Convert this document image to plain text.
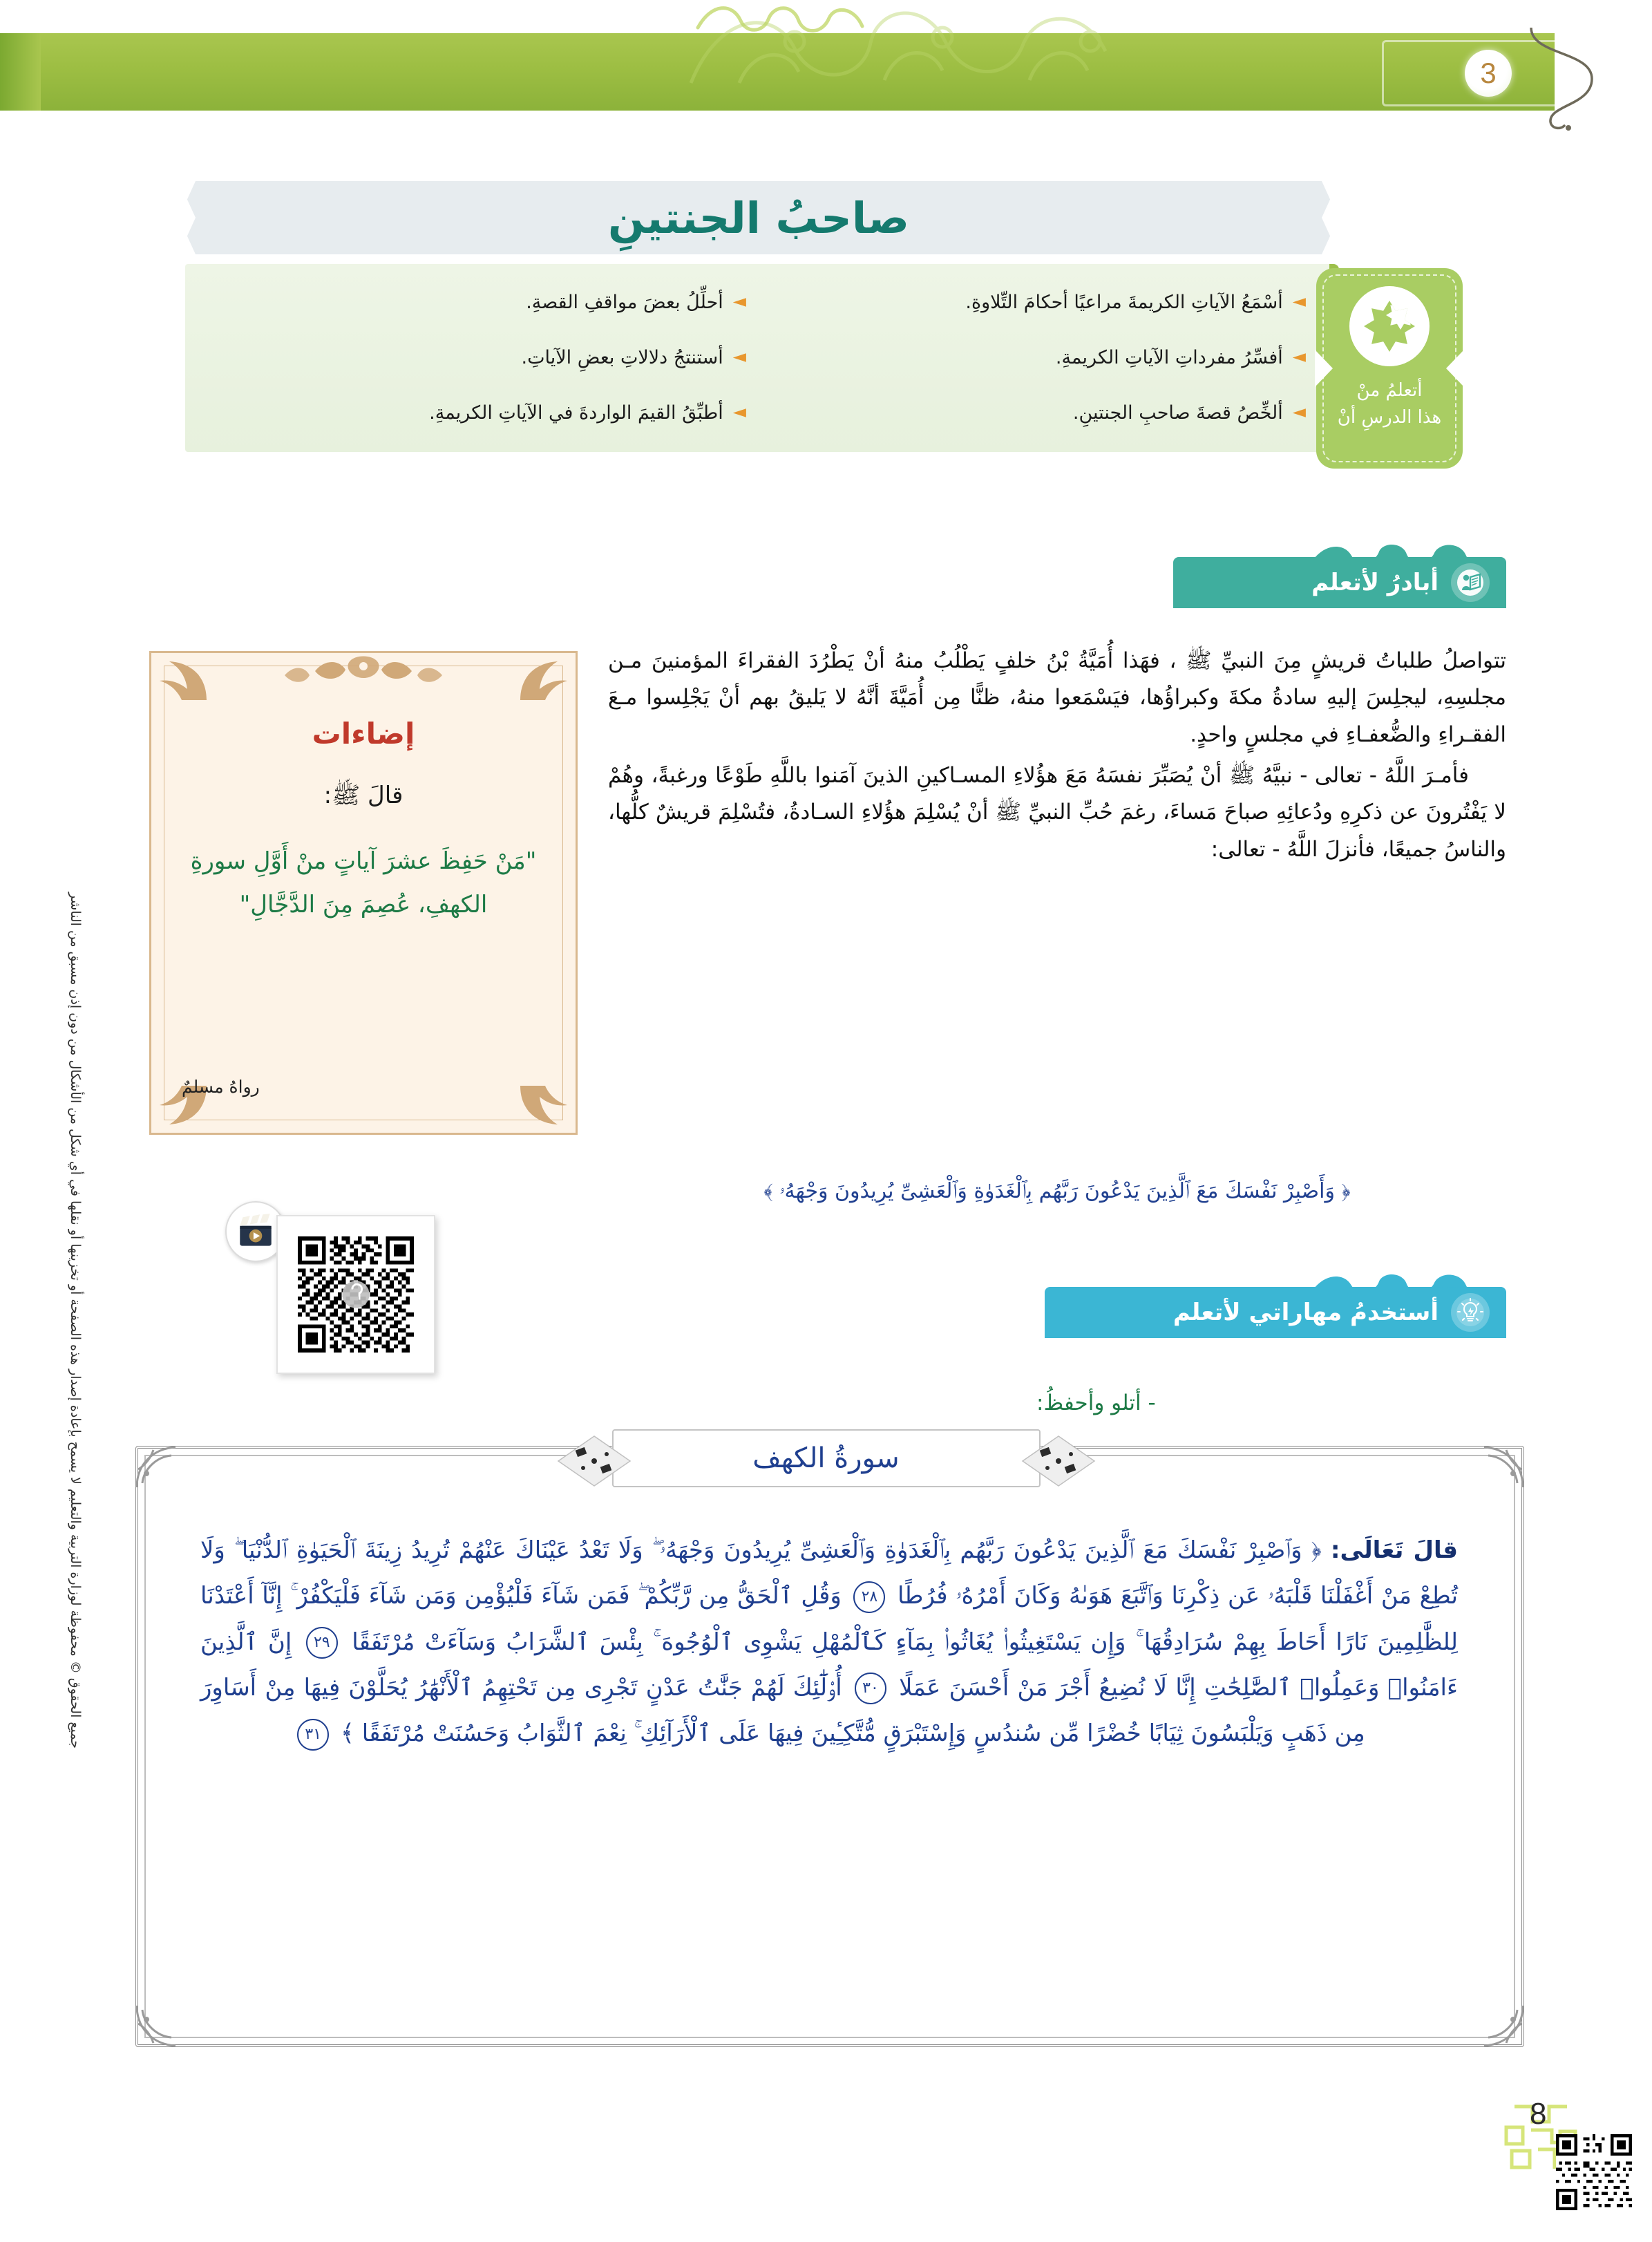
3
صاحبُ الجنتينِ
◄
أسْمَعُ الآياتِ الكريمةَ مراعيًا أحكامَ التِّلاوةِ.
◄
أفسِّرُ مفرداتِ الآياتِ الكريمةِ.
◄
ألخِّصُ قصةَ صاحبِ الجنتينِ.
◄
أحلِّلُ بعضَ مواقفِ القصةِ.
◄
أستنتجُ دلالاتِ بعضِ الآياتِ.
◄
أطبِّقُ القيمَ الواردةَ في الآياتِ الكريمةِ.
أتعلمُ منْ
هذا الدرسِ أنْ
أبادرُ لأتعلم

تتواصلُ طلباتُ قريشٍ مِنَ النبيِّ ﷺ ، فهَذا أُمَيَّةُ بْنُ خلفٍ يَطْلُبُ منهُ أنْ يَطْرُدَ الفقراءَ المؤمنينَ مـن مجلسِهِ، ليجلِسَ إليهِ سادةُ مكةَ وكبراؤُها، فيَسْمَعوا منهُ، ظنًّا مِن أُمَيَّةَ أنَّهُ لا يَليقُ بهم أنْ يَجْلِسوا مـعَ الفقـراءِ والضُّعفـاءِ في مجلسٍ واحدٍ.

فأمـرَ اللَّهُ - تعالى - نبيَّهُ ﷺ أنْ يُصَبِّرَ نفسَهُ مَعَ هؤُلاءِ المسـاكينِ الذينَ آمَنوا باللَّهِ طَوْعًا ورغبةً، وهُمْ لا يَفْتُرونَ عن ذكرِهِ ودُعائِهِ صباحَ مَساءَ، رغمَ حُبِّ النبيِّ ﷺ أنْ يُسْلِمَ هؤُلاءِ السـادةُ، فتُسْلِمَ قريشٌ كلُّها، والناسُ جميعًا، فأنزلَ اللَّهُ - تعالى:

إضاءات
قالَ ﷺ:
"مَنْ حَفِظَ عشرَ آياتٍ منْ أَوَّلِ سورةِ الكهفِ، عُصِمَ مِنَ الدَّجَّالِ"
رواهُ مسلمٌ
﴿ وَأَصْبِرْ نَفْسَكَ مَعَ ٱلَّذِينَ يَدْعُونَ رَبَّهُم بِٱلْغَدَوٰةِ وَٱلْعَشِىِّ يُرِيدُونَ وَجْهَهُۥ ﴾
أستخدمُ مهاراتي لأتعلم
- أتلو وأحفظُ:
سورةُ الكهف
قالَ تَعَالَى: ﴿ وَٱصْبِرْ نَفْسَكَ مَعَ ٱلَّذِينَ يَدْعُونَ رَبَّهُم بِٱلْغَدَوٰةِ وَٱلْعَشِىِّ يُرِيدُونَ وَجْهَهُۥ ۖ وَلَا تَعْدُ عَيْنَاكَ عَنْهُمْ تُرِيدُ زِينَةَ ٱلْحَيَوٰةِ ٱلدُّنْيَا ۖ وَلَا تُطِعْ مَنْ أَغْفَلْنَا قَلْبَهُۥ عَن ذِكْرِنَا وَٱتَّبَعَ هَوَىٰهُ وَكَانَ أَمْرُهُۥ فُرُطًا ٢٨ وَقُلِ ٱلْحَقُّ مِن رَّبِّكُمْ ۖ فَمَن شَآءَ فَلْيُؤْمِن وَمَن شَآءَ فَلْيَكْفُرْ ۚ إِنَّآ أَعْتَدْنَا لِلظَّٰلِمِينَ نَارًا أَحَاطَ بِهِمْ سُرَادِقُهَا ۚ وَإِن يَسْتَغِيثُوا۟ يُغَاثُوا۟ بِمَآءٍ كَٱلْمُهْلِ يَشْوِى ٱلْوُجُوهَ ۚ بِئْسَ ٱلشَّرَابُ وَسَآءَتْ مُرْتَفَقًا ٢٩ إِنَّ ٱلَّذِينَ ءَامَنُوا۟ وَعَمِلُوا۟ ٱلصَّٰلِحَٰتِ إِنَّا لَا نُضِيعُ أَجْرَ مَنْ أَحْسَنَ عَمَلًا ٣٠ أُو۟لَٰٓئِكَ لَهُمْ جَنَّٰتُ عَدْنٍ تَجْرِى مِن تَحْتِهِمُ ٱلْأَنْهَٰرُ يُحَلَّوْنَ فِيهَا مِنْ أَسَاوِرَ مِن ذَهَبٍ وَيَلْبَسُونَ ثِيَابًا خُضْرًا مِّن سُندُسٍ وَإِسْتَبْرَقٍ مُّتَّكِـِٔينَ فِيهَا عَلَى ٱلْأَرَآئِكِ ۚ نِعْمَ ٱلثَّوَابُ وَحَسُنَتْ مُرْتَفَقًا ﴾ ٣١
جميع الحقوق © محفوظة لوزارة التربية والتعليم لا يسمح بإعادة إصدار هذه الصفحة أو تخزينها أو نقلها في أي شكل من الأشكال من دون إذن مسبق من الناشر
8
